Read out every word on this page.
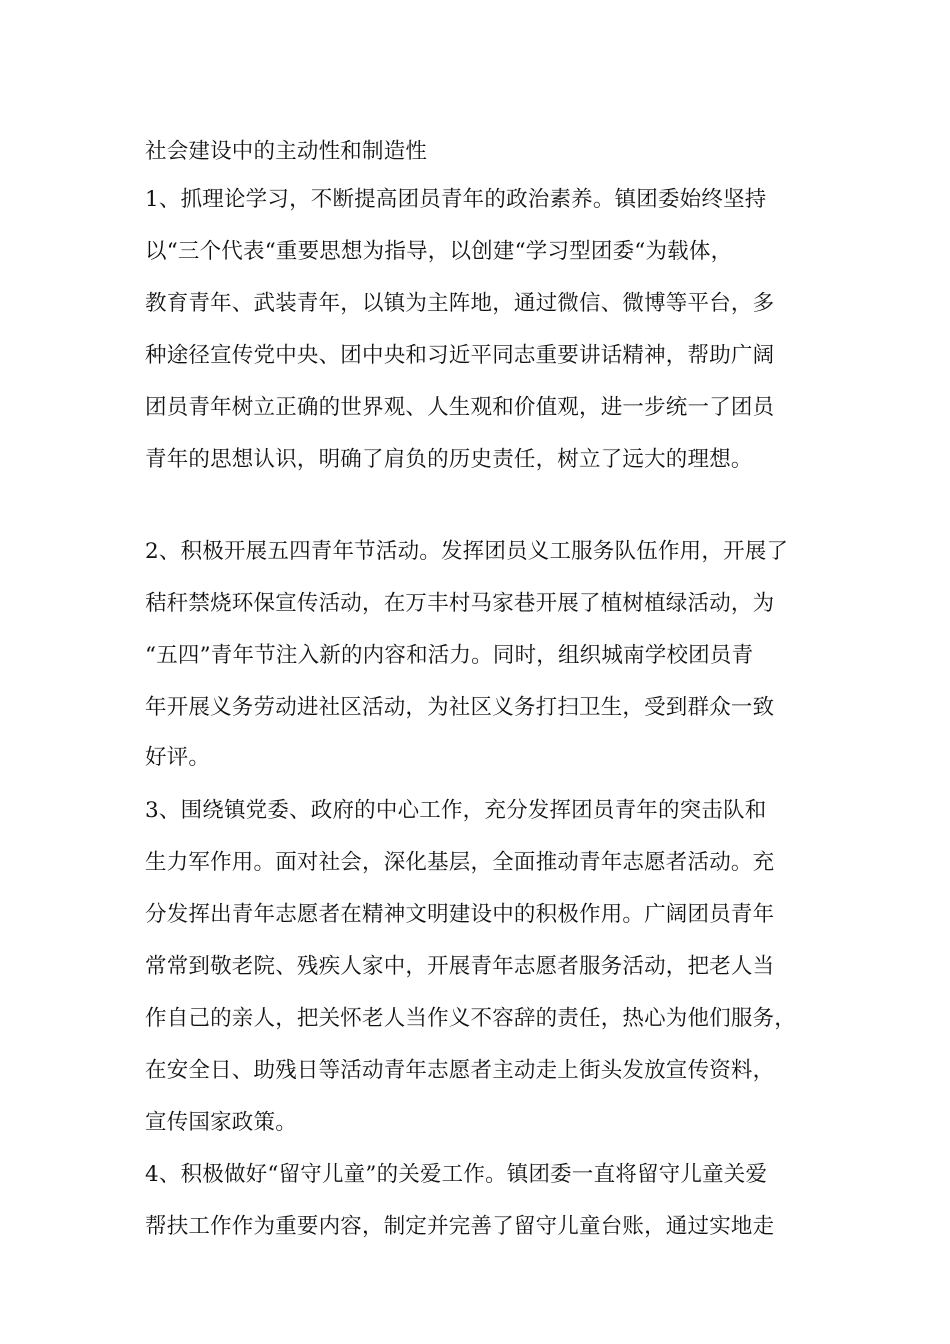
社会建设中的主动性和制造性
1、抓理论学习，不断提高团员青年的政治素养。镇团委始终坚持
以“三个代表“重要思想为指导，以创建“学习型团委“为载体，
教育青年、武装青年，以镇为主阵地，通过微信、微博等平台，多
种途径宣传党中央、团中央和习近平同志重要讲话精神，帮助广阔
团员青年树立正确的世界观、人生观和价值观，进一步统一了团员
青年的思想认识，明确了肩负的历史责任，树立了远大的理想。
2、积极开展五四青年节活动。发挥团员义工服务队伍作用，开展了
秸秆禁烧环保宣传活动，在万丰村马家巷开展了植树植绿活动，为
“五四”青年节注入新的内容和活力。同时，组织城南学校团员青
年开展义务劳动进社区活动，为社区义务打扫卫生，受到群众一致
好评。
3、围绕镇党委、政府的中心工作，充分发挥团员青年的突击队和
生力军作用。面对社会，深化基层，全面推动青年志愿者活动。充
分发挥出青年志愿者在精神文明建设中的积极作用。广阔团员青年
常常到敬老院、残疾人家中，开展青年志愿者服务活动，把老人当
作自己的亲人，把关怀老人当作义不容辞的责任，热心为他们服务，
在安全日、助残日等活动青年志愿者主动走上街头发放宣传资料，
宣传国家政策。
4、积极做好“留守儿童”的关爱工作。镇团委一直将留守儿童关爱
帮扶工作作为重要内容，制定并完善了留守儿童台账，通过实地走
